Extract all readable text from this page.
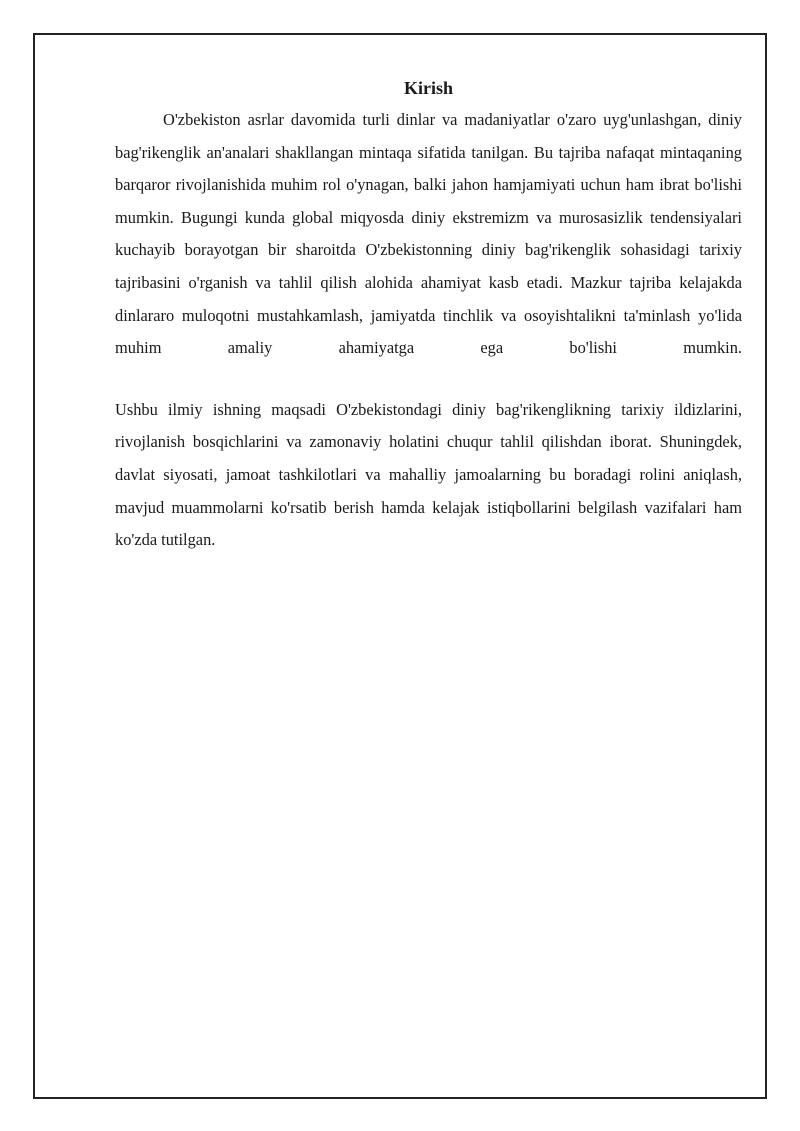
Kirish

O'zbekiston asrlar davomida turli dinlar va madaniyatlar o'zaro uyg'unlashgan, diniy bag'rikenglik an'analari shakllangan mintaqa sifatida tanilgan. Bu tajriba nafaqat mintaqaning barqaror rivojlanishida muhim rol o'ynagan, balki jahon hamjamiyati uchun ham ibrat bo'lishi mumkin. Bugungi kunda global miqyosda diniy ekstremizm va murosasizlik tendensiyalari kuchayib borayotgan bir sharoitda O'zbekistonning diniy bag'rikenglik sohasidagi tarixiy tajribasini o'rganish va tahlil qilish alohida ahamiyat kasb etadi. Mazkur tajriba kelajakda dinlararo muloqotni mustahkamlash, jamiyatda tinchlik va osoyishtalikni ta'minlash yo'lida muhim amaliy ahamiyatga ega bo'lishi mumkin.

Ushbu ilmiy ishning maqsadi O'zbekistondagi diniy bag'rikenglikning tarixiy ildizlarini, rivojlanish bosqichlarini va zamonaviy holatini chuqur tahlil qilishdan iborat. Shuningdek, davlat siyosati, jamoat tashkilotlari va mahalliy jamoalarning bu boradagi rolini aniqlash, mavjud muammolarni ko'rsatib berish hamda kelajak istiqbollarini belgilash vazifalari ham ko'zda tutilgan.
